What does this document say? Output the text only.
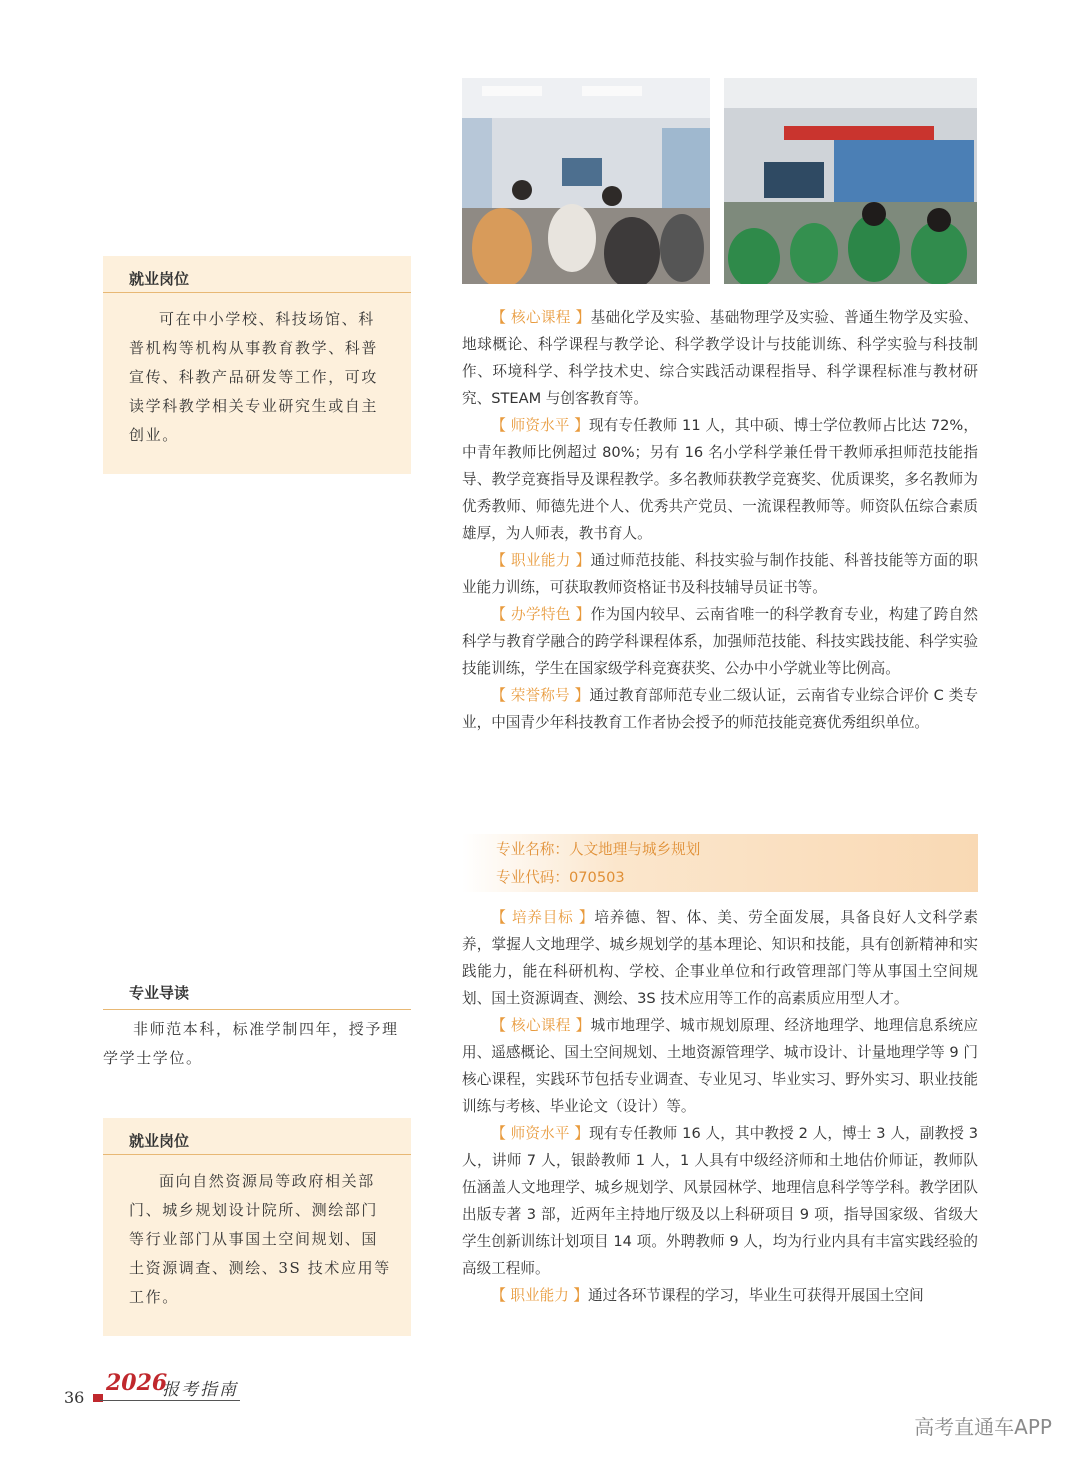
就业岗位
可在中小学校、科技场馆、科普机构等机构从事教育教学、科普宣传、科教产品研发等工作，可攻读学科教学相关专业研究生或自主创业。

【 核心课程 】基础化学及实验、基础物理学及实验、普通生物学及实验、地球概论、科学课程与教学论、科学教学设计与技能训练、科学实验与科技制作、环境科学、科学技术史、综合实践活动课程指导、科学课程标准与教材研究、STEAM 与创客教育等。

【 师资水平 】现有专任教师 11 人，其中硕、博士学位教师占比达 72%，中青年教师比例超过 80%；另有 16 名小学科学兼任骨干教师承担师范技能指导、教学竞赛指导及课程教学。多名教师获教学竞赛奖、优质课奖，多名教师为优秀教师、师德先进个人、优秀共产党员、一流课程教师等。师资队伍综合素质雄厚，为人师表，教书育人。

【 职业能力 】通过师范技能、科技实验与制作技能、科普技能等方面的职业能力训练，可获取教师资格证书及科技辅导员证书等。

【 办学特色 】作为国内较早、云南省唯一的科学教育专业，构建了跨自然科学与教育学融合的跨学科课程体系，加强师范技能、科技实践技能、科学实验技能训练，学生在国家级学科竞赛获奖、公办中小学就业等比例高。

【 荣誉称号 】通过教育部师范专业二级认证，云南省专业综合评价 C 类专业，中国青少年科技教育工作者协会授予的师范技能竞赛优秀组织单位。

专业名称：人文地理与城乡规划
专业代码：070503
专业导读
非师范本科，标准学制四年，授予理学学士学位。
就业岗位
面向自然资源局等政府相关部门、城乡规划设计院所、测绘部门等行业部门从事国土空间规划、国土资源调查、测绘、3S 技术应用等工作。

【 培养目标 】培养德、智、体、美、劳全面发展，具备良好人文科学素养，掌握人文地理学、城乡规划学的基本理论、知识和技能，具有创新精神和实践能力，能在科研机构、学校、企事业单位和行政管理部门等从事国土空间规划、国土资源调查、测绘、3S 技术应用等工作的高素质应用型人才。

【 核心课程 】城市地理学、城市规划原理、经济地理学、地理信息系统应用、遥感概论、国土空间规划、土地资源管理学、城市设计、计量地理学等 9 门核心课程，实践环节包括专业调查、专业见习、毕业实习、野外实习、职业技能训练与考核、毕业论文（设计）等。

【 师资水平 】现有专任教师 16 人，其中教授 2 人，博士 3 人，副教授 3 人，讲师 7 人，银龄教师 1 人，1 人具有中级经济师和土地估价师证，教师队伍涵盖人文地理学、城乡规划学、风景园林学、地理信息科学等学科。教学团队出版专著 3 部，近两年主持地厅级及以上科研项目 9 项，指导国家级、省级大学生创新训练计划项目 14 项。外聘教师 9 人，均为行业内具有丰富实践经验的高级工程师。

【 职业能力 】通过各环节课程的学习，毕业生可获得开展国土空间

36
2026
报考指南
高考直通车APP
